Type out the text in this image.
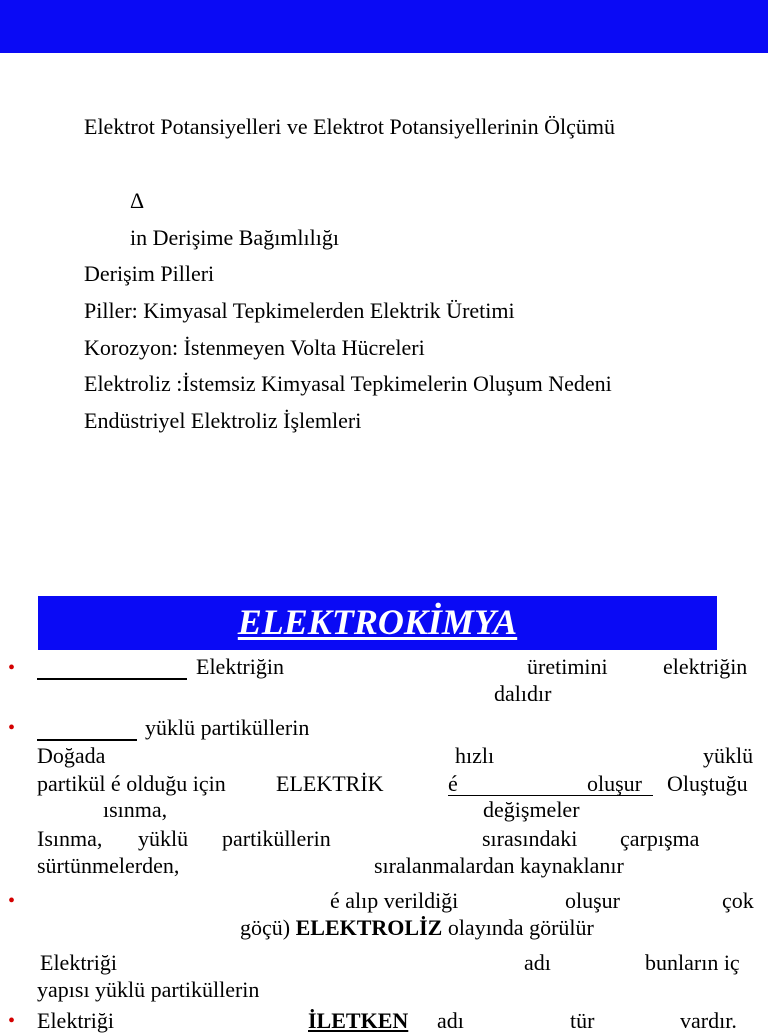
Elektrot Potansiyelleri ve Elektrot Potansiyellerinin Ölçümü
Δ
in Derişime Bağımlılığı
Derişim Pilleri
Piller: Kimyasal Tepkimelerden Elektrik Üretimi
Korozyon: İstenmeyen Volta Hücreleri
Elektroliz :İstemsiz Kimyasal Tepkimelerin Oluşum Nedeni
Endüstriyel Elektroliz İşlemleri
ELEKTROKİMYA
•	Elektriğin	üretimini	elektriğin
dalıdır
•	yüklü partiküllerin
Doğada	hızlı	yüklü
partikül é olduğu için ELEKTRİK	é	oluşur Oluştuğu
ısınma,	değişmeler
Isınma, yüklü partiküllerin	sırasındaki çarpışma
sürtünmelerden,	sıralanmalardan kaynaklanır
•	é alıp verildiği	oluşur	çok
göçü) ELEKTROLİZ olayında görülür
Elektriği	adı	bunların iç
yapısı yüklü partiküllerin
• Elektriği	İLETKEN adı	tür	vardır.
